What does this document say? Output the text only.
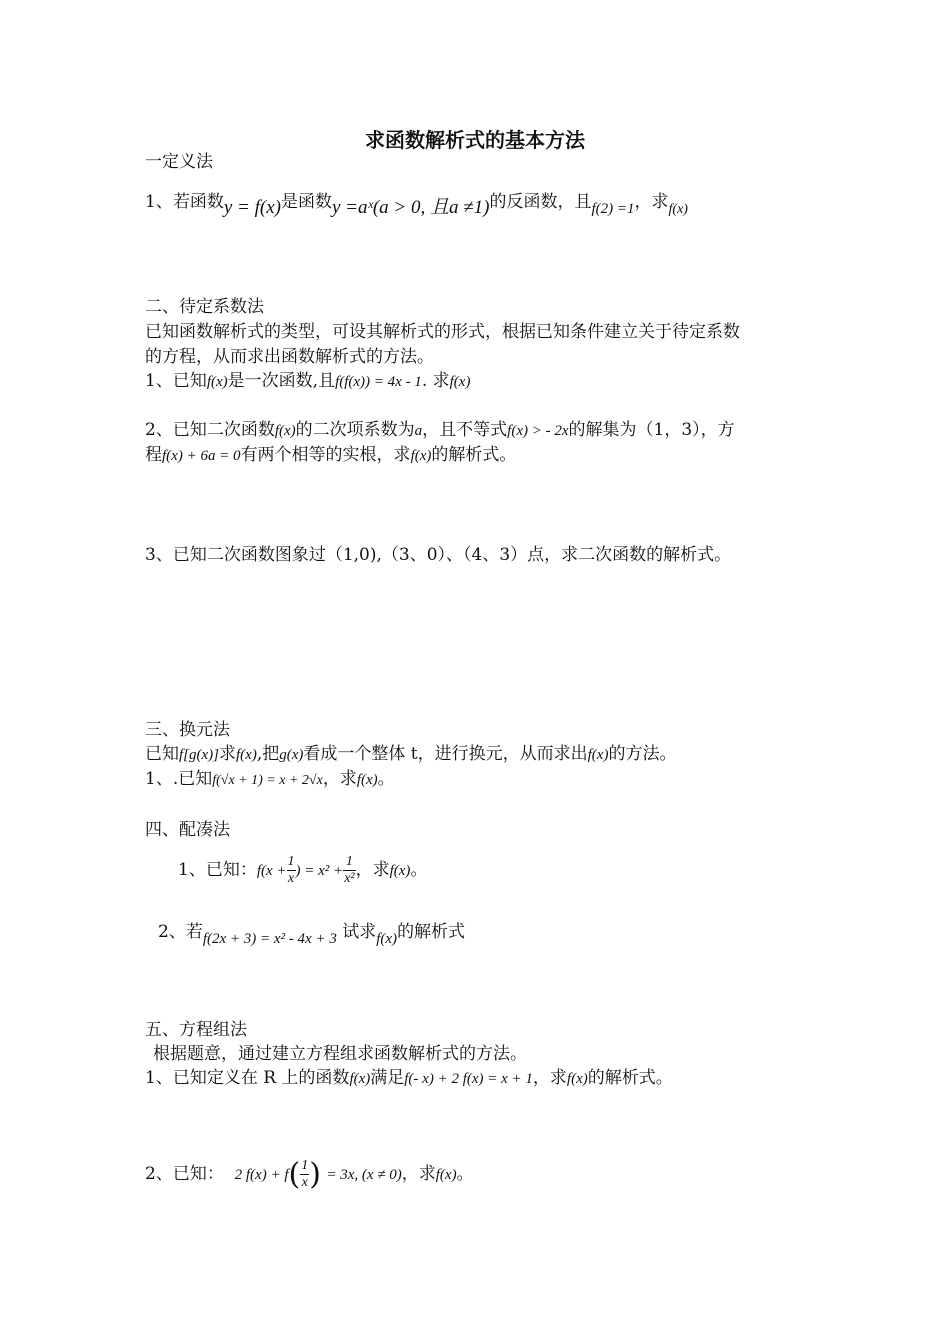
求函数解析式的基本方法
一定义法
1、若函数y = f(x)是函数y =aˣ(a > 0, 且a ≠1)的反函数，且f(2) =1，求$_{f(x)}$
二、待定系数法
已知函数解析式的类型，可设其解析式的形式，根据已知条件建立关于待定系数
的方程，从而求出函数解析式的方法。
1、已知f(x)是一次函数,且f(f(x)) = 4x - 1. 求f(x)
2、已知二次函数f(x)的二次项系数为a，且不等式f(x) > - 2x的解集为（1，3），方
程f(x) + 6a = 0有两个相等的实根，求f(x)的解析式。
3、已知二次函数图象过（1,0),（3、0）、（4、3）点，求二次函数的解析式。
三、换元法
已知f[g(x)]求f(x),把g(x)看成一个整体 t，进行换元，从而求出f(x)的方法。
1、.已知f(√x + 1) = x + 2√x，求f(x)。
四、配凑法
1、已知：$f(x + \frac{1}{x}$ ) = $x^2 + \frac{1}{\text{x²}}$ ，求f(x)。
2、若f(2x + 3) = x² - 4x + 3 试求f(x)的解析式
五、方程组法
根据题意，通过建立方程组求函数解析式的方法。
1、已知定义在 R 上的函数f(x)满足f(- x) + 2 f(x) = x + 1，求f(x)的解析式。
2、已知： 2 $f(x) + f( \frac{1}{x}$ ) = 3x, (x ≠ 0)，求f(x)。
